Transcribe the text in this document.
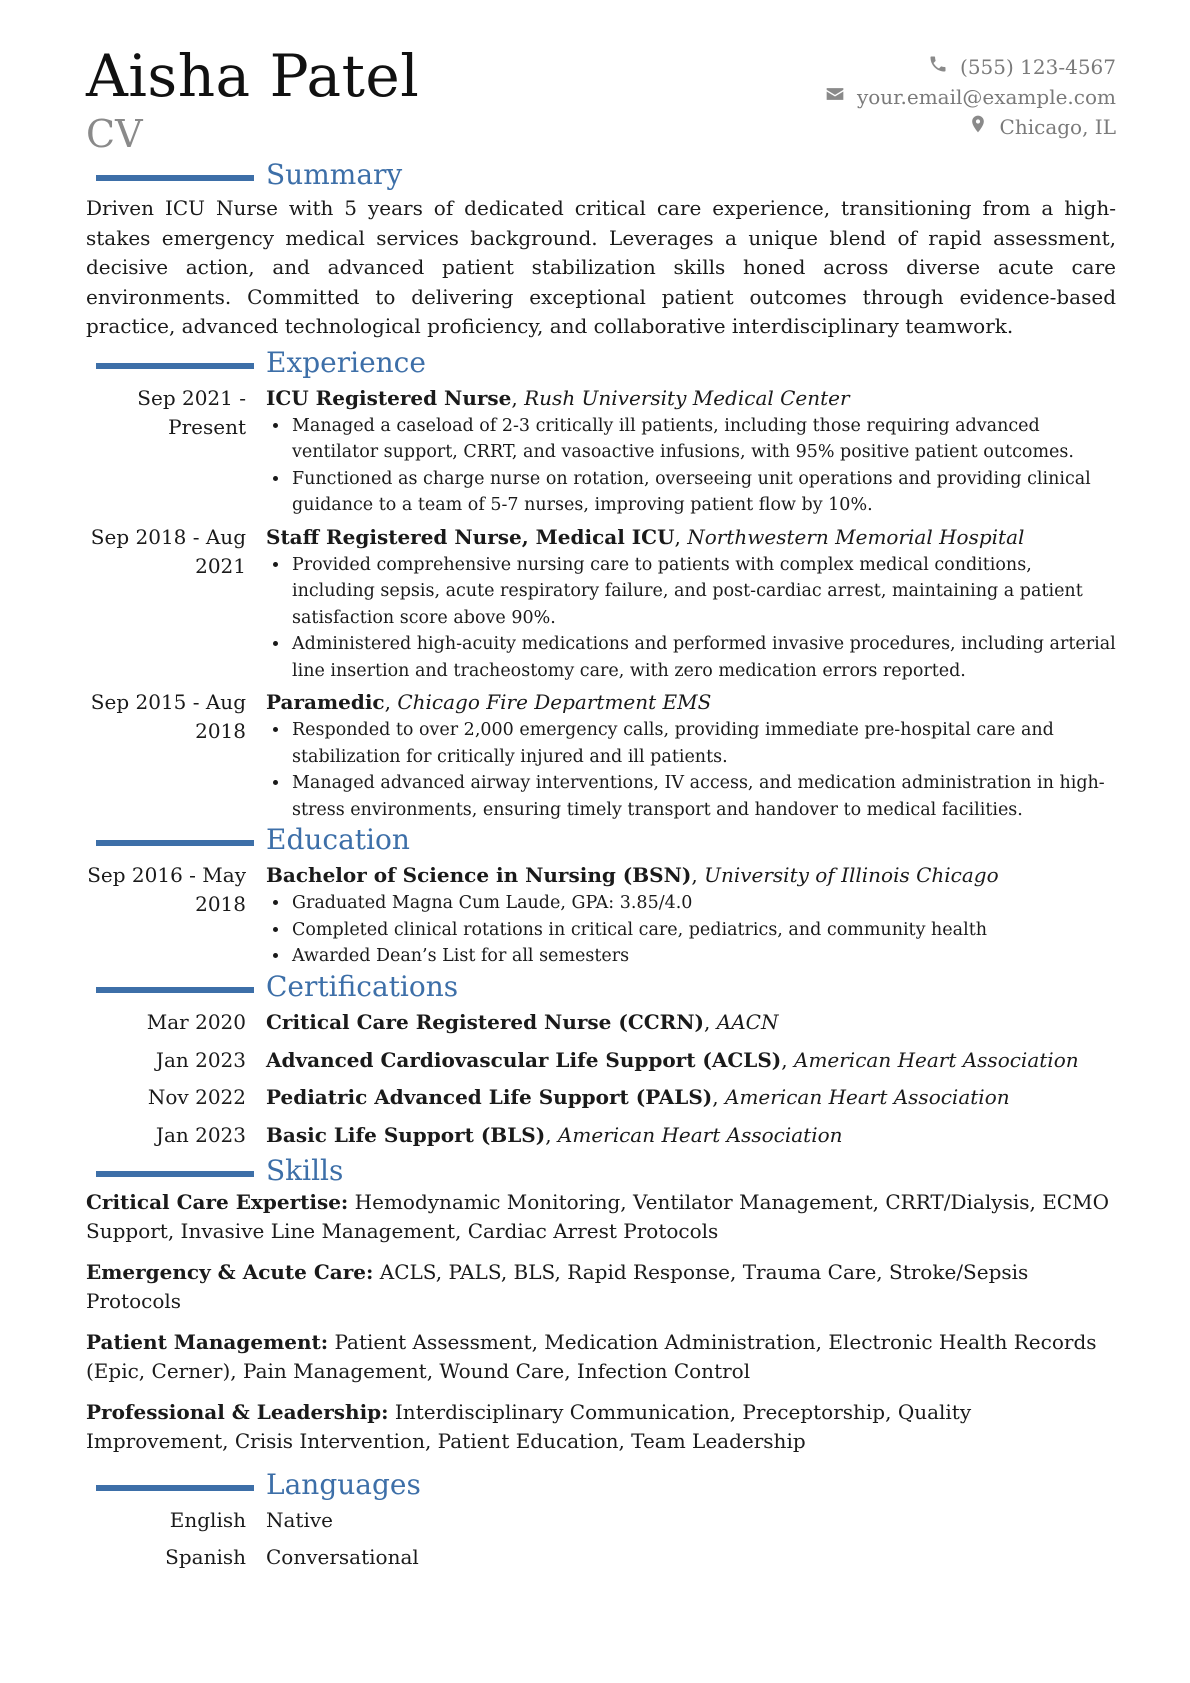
Aisha Patel
CV
(555) 123-4567
your.email@example.com
Chicago, IL
Summary
Driven ICU Nurse with 5 years of dedicated critical care experience, transitioning from a high-stakes emergency medical services background. Leverages a unique blend of rapid assessment, decisive action, and advanced patient stabilization skills honed across diverse acute care environments. Committed to delivering exceptional patient outcomes through evidence-based practice, advanced technological proficiency, and collaborative interdisciplinary teamwork.
Experience
Sep 2021 - Present
ICU Registered Nurse, Rush University Medical Center
• Managed a caseload of 2-3 critically ill patients, including those requiring advanced ventilator support, CRRT, and vasoactive infusions, with 95% positive patient outcomes.
• Functioned as charge nurse on rotation, overseeing unit operations and providing clinical guidance to a team of 5-7 nurses, improving patient flow by 10%.
Sep 2018 - Aug 2021
Staff Registered Nurse, Medical ICU, Northwestern Memorial Hospital
• Provided comprehensive nursing care to patients with complex medical conditions, including sepsis, acute respiratory failure, and post-cardiac arrest, maintaining a patient satisfaction score above 90%.
• Administered high-acuity medications and performed invasive procedures, including arterial line insertion and tracheostomy care, with zero medication errors reported.
Sep 2015 - Aug 2018
Paramedic, Chicago Fire Department EMS
• Responded to over 2,000 emergency calls, providing immediate pre-hospital care and stabilization for critically injured and ill patients.
• Managed advanced airway interventions, IV access, and medication administration in high-stress environments, ensuring timely transport and handover to medical facilities.
Education
Sep 2016 - May 2018
Bachelor of Science in Nursing (BSN), University of Illinois Chicago
• Graduated Magna Cum Laude, GPA: 3.85/4.0
• Completed clinical rotations in critical care, pediatrics, and community health
• Awarded Dean’s List for all semesters
Certifications
Mar 2020	Critical Care Registered Nurse (CCRN), AACN
Jan 2023	Advanced Cardiovascular Life Support (ACLS), American Heart Association
Nov 2022	Pediatric Advanced Life Support (PALS), American Heart Association
Jan 2023	Basic Life Support (BLS), American Heart Association
Skills
Critical Care Expertise: Hemodynamic Monitoring, Ventilator Management, CRRT/Dialysis, ECMO Support, Invasive Line Management, Cardiac Arrest Protocols
Emergency & Acute Care: ACLS, PALS, BLS, Rapid Response, Trauma Care, Stroke/Sepsis Protocols
Patient Management: Patient Assessment, Medication Administration, Electronic Health Records (Epic, Cerner), Pain Management, Wound Care, Infection Control
Professional & Leadership: Interdisciplinary Communication, Preceptorship, Quality Improvement, Crisis Intervention, Patient Education, Team Leadership
Languages
English	Native
Spanish	Conversational
